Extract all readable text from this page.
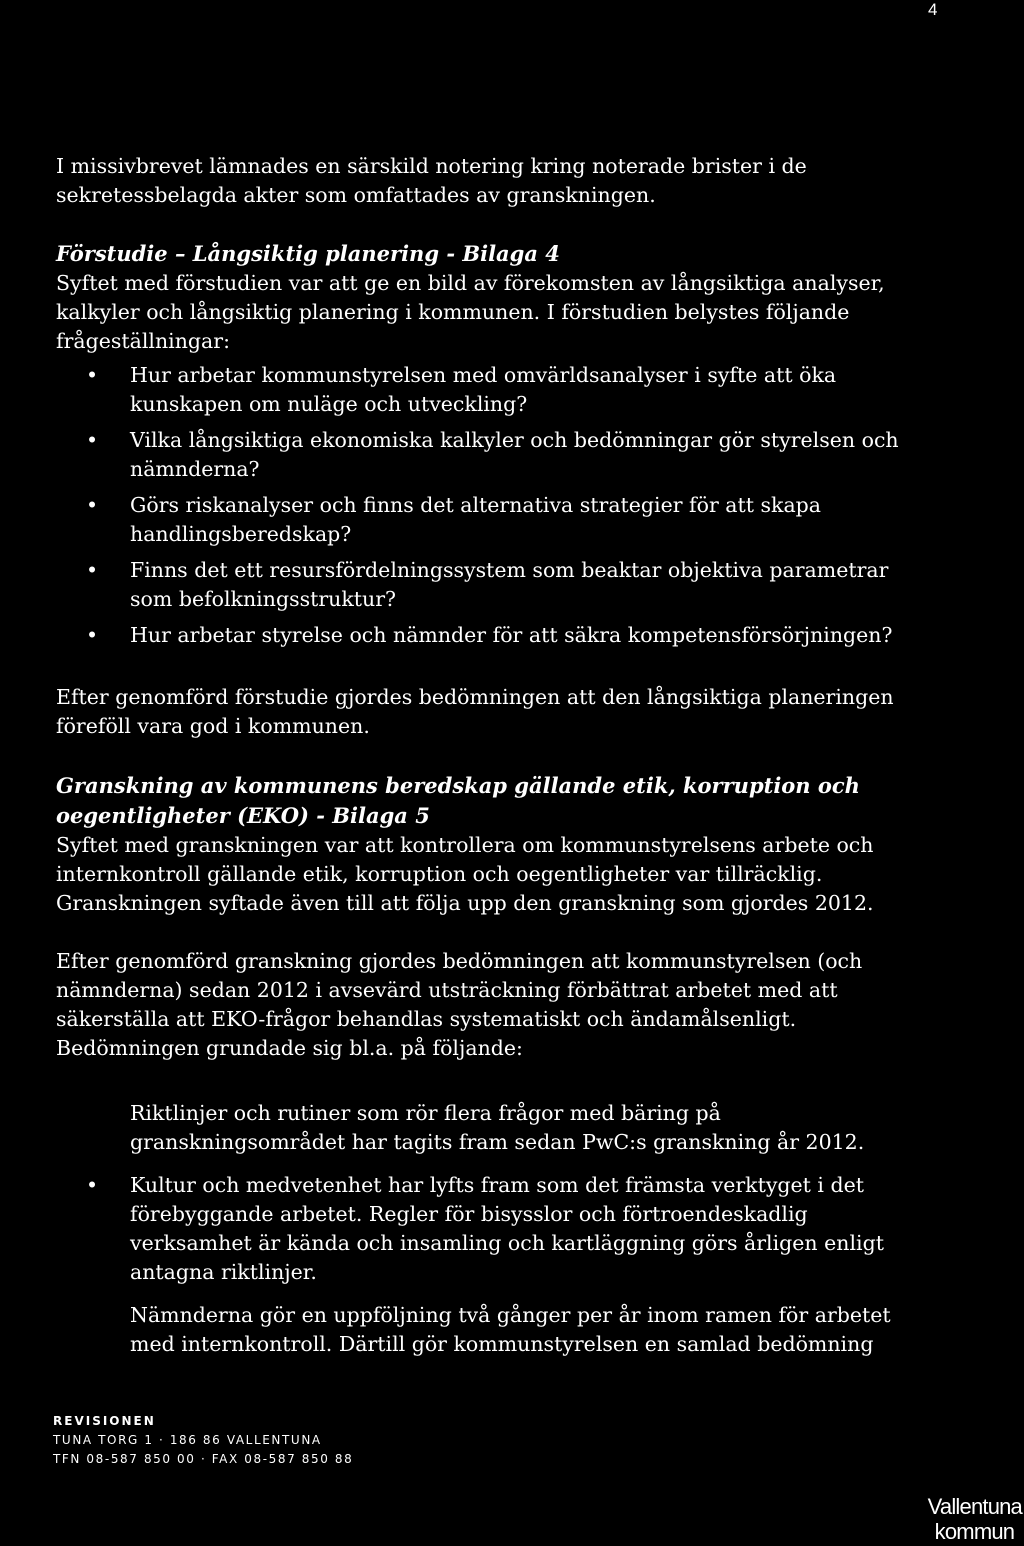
4

I missivbrevet lämnades en särskild notering kring noterade brister i de sekretessbelagda akter som omfattades av granskningen.

Förstudie – Långsiktig planering - Bilaga 4

Syftet med förstudien var att ge en bild av förekomsten av långsiktiga analyser, kalkyler och långsiktig planering i kommunen. I förstudien belystes följande frågeställningar:

• Hur arbetar kommunstyrelsen med omvärldsanalyser i syfte att öka kunskapen om nuläge och utveckling?
• Vilka långsiktiga ekonomiska kalkyler och bedömningar gör styrelsen och nämnderna?
• Görs riskanalyser och finns det alternativa strategier för att skapa handlingsberedskap?
• Finns det ett resursfördelningssystem som beaktar objektiva parametrar som befolkningsstruktur?
• Hur arbetar styrelse och nämnder för att säkra kompetensförsörjningen?

Efter genomförd förstudie gjordes bedömningen att den långsiktiga planeringen föreföll vara god i kommunen.

Granskning av kommunens beredskap gällande etik, korruption och oegentligheter (EKO) - Bilaga 5

Syftet med granskningen var att kontrollera om kommunstyrelsens arbete och internkontroll gällande etik, korruption och oegentligheter var tillräcklig. Granskningen syftade även till att följa upp den granskning som gjordes 2012.

Efter genomförd granskning gjordes bedömningen att kommunstyrelsen (och nämnderna) sedan 2012 i avsevärd utsträckning förbättrat arbetet med att säkerställa att EKO-frågor behandlas systematiskt och ändamålsenligt. Bedömningen grundade sig bl.a. på följande:

Riktlinjer och rutiner som rör flera frågor med bäring på granskningsområdet har tagits fram sedan PwC:s granskning år 2012.
• Kultur och medvetenhet har lyfts fram som det främsta verktyget i det förebyggande arbetet. Regler för bisysslor och förtroendeskadlig verksamhet är kända och insamling och kartläggning görs årligen enligt antagna riktlinjer.
Nämnderna gör en uppföljning två gånger per år inom ramen för arbetet med internkontroll. Därtill gör kommunstyrelsen en samlad bedömning
REVISIONEN
TUNA TORG 1 · 186 86 VALLENTUNA
TFN 08-587 850 00 · FAX 08-587 850 88
Vallentuna
kommun
